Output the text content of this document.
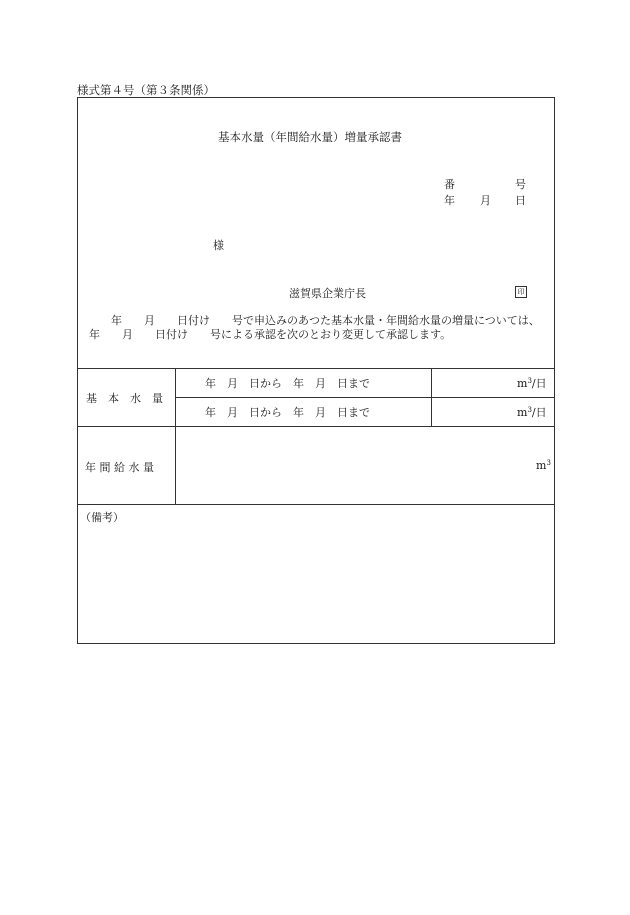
様式第４号（第３条関係）
基本水量（年間給水量）増量承認書
番	号
年 月 日
様
滋賀県企業庁長	印
　　年　　月　　日付け　　号で申込みのあつた基本水量・年間給水量の増量については、　　年　　月　　日付け　　号による承認を次のとおり変更して承認します。
基　本　水　量
年　月　日から　年　月　日まで	$m^3/$日
年　月　日から　年　月　日まで	$m^3/$日
年 間 給 水 量	$m^3$
（備考）
